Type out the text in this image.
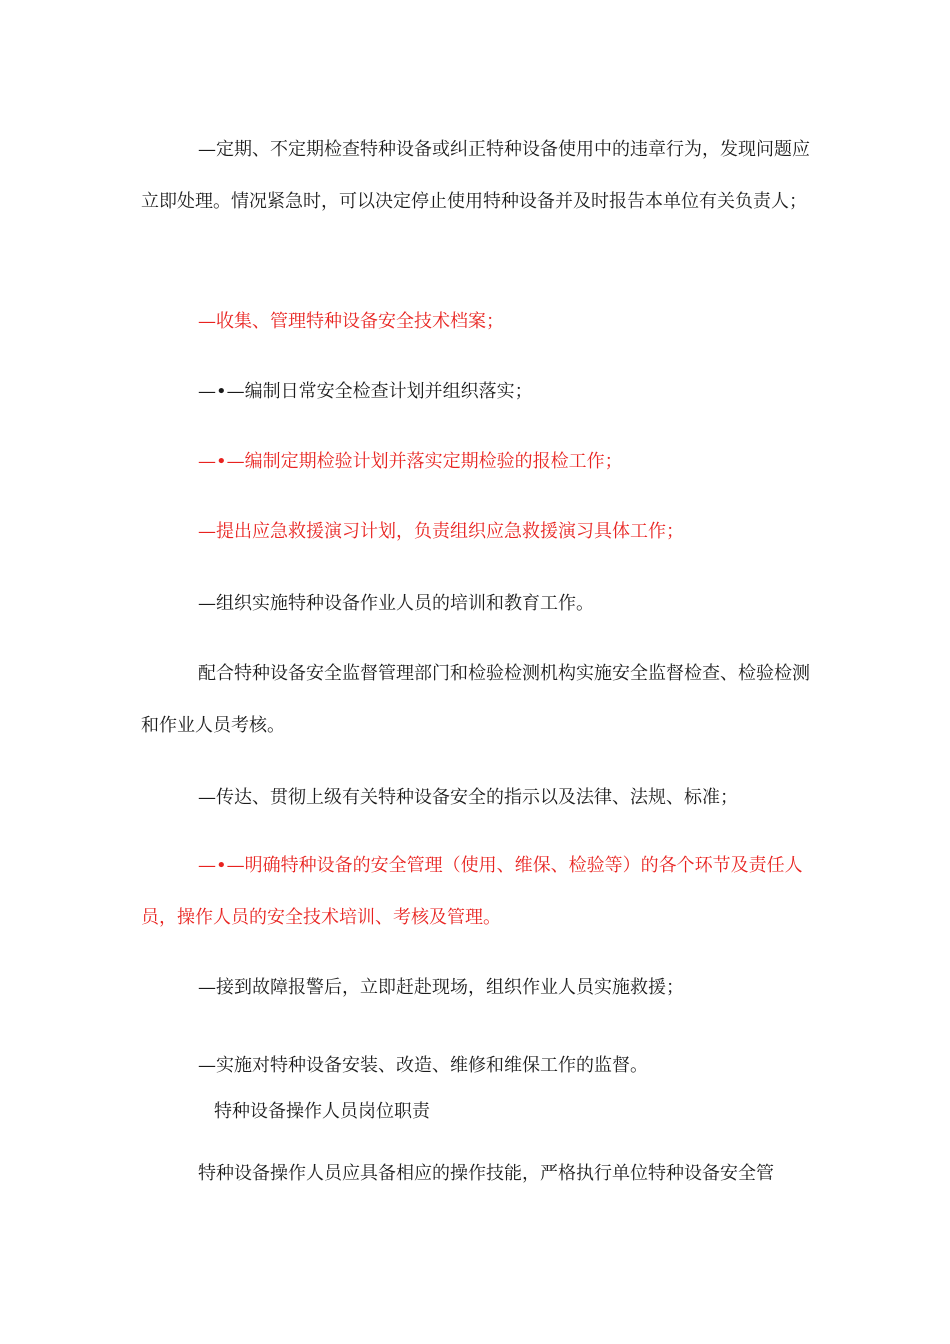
—定期、不定期检查特种设备或纠正特种设备使用中的违章行为，发现问题应立即处理。情况紧急时，可以决定停止使用特种设备并及时报告本单位有关负责人；

—收集、管理特种设备安全技术档案；

—•—编制日常安全检查计划并组织落实；

—•—编制定期检验计划并落实定期检验的报检工作；

—提出应急救援演习计划，负责组织应急救援演习具体工作；

—组织实施特种设备作业人员的培训和教育工作。

配合特种设备安全监督管理部门和检验检测机构实施安全监督检查、检验检测和作业人员考核。

—传达、贯彻上级有关特种设备安全的指示以及法律、法规、标准；

—•—明确特种设备的安全管理（使用、维保、检验等）的各个环节及责任人员，操作人员的安全技术培训、考核及管理。

—接到故障报警后，立即赶赴现场，组织作业人员实施救援；

—实施对特种设备安装、改造、维修和维保工作的监督。

特种设备操作人员岗位职责

特种设备操作人员应具备相应的操作技能，严格执行单位特种设备安全管
